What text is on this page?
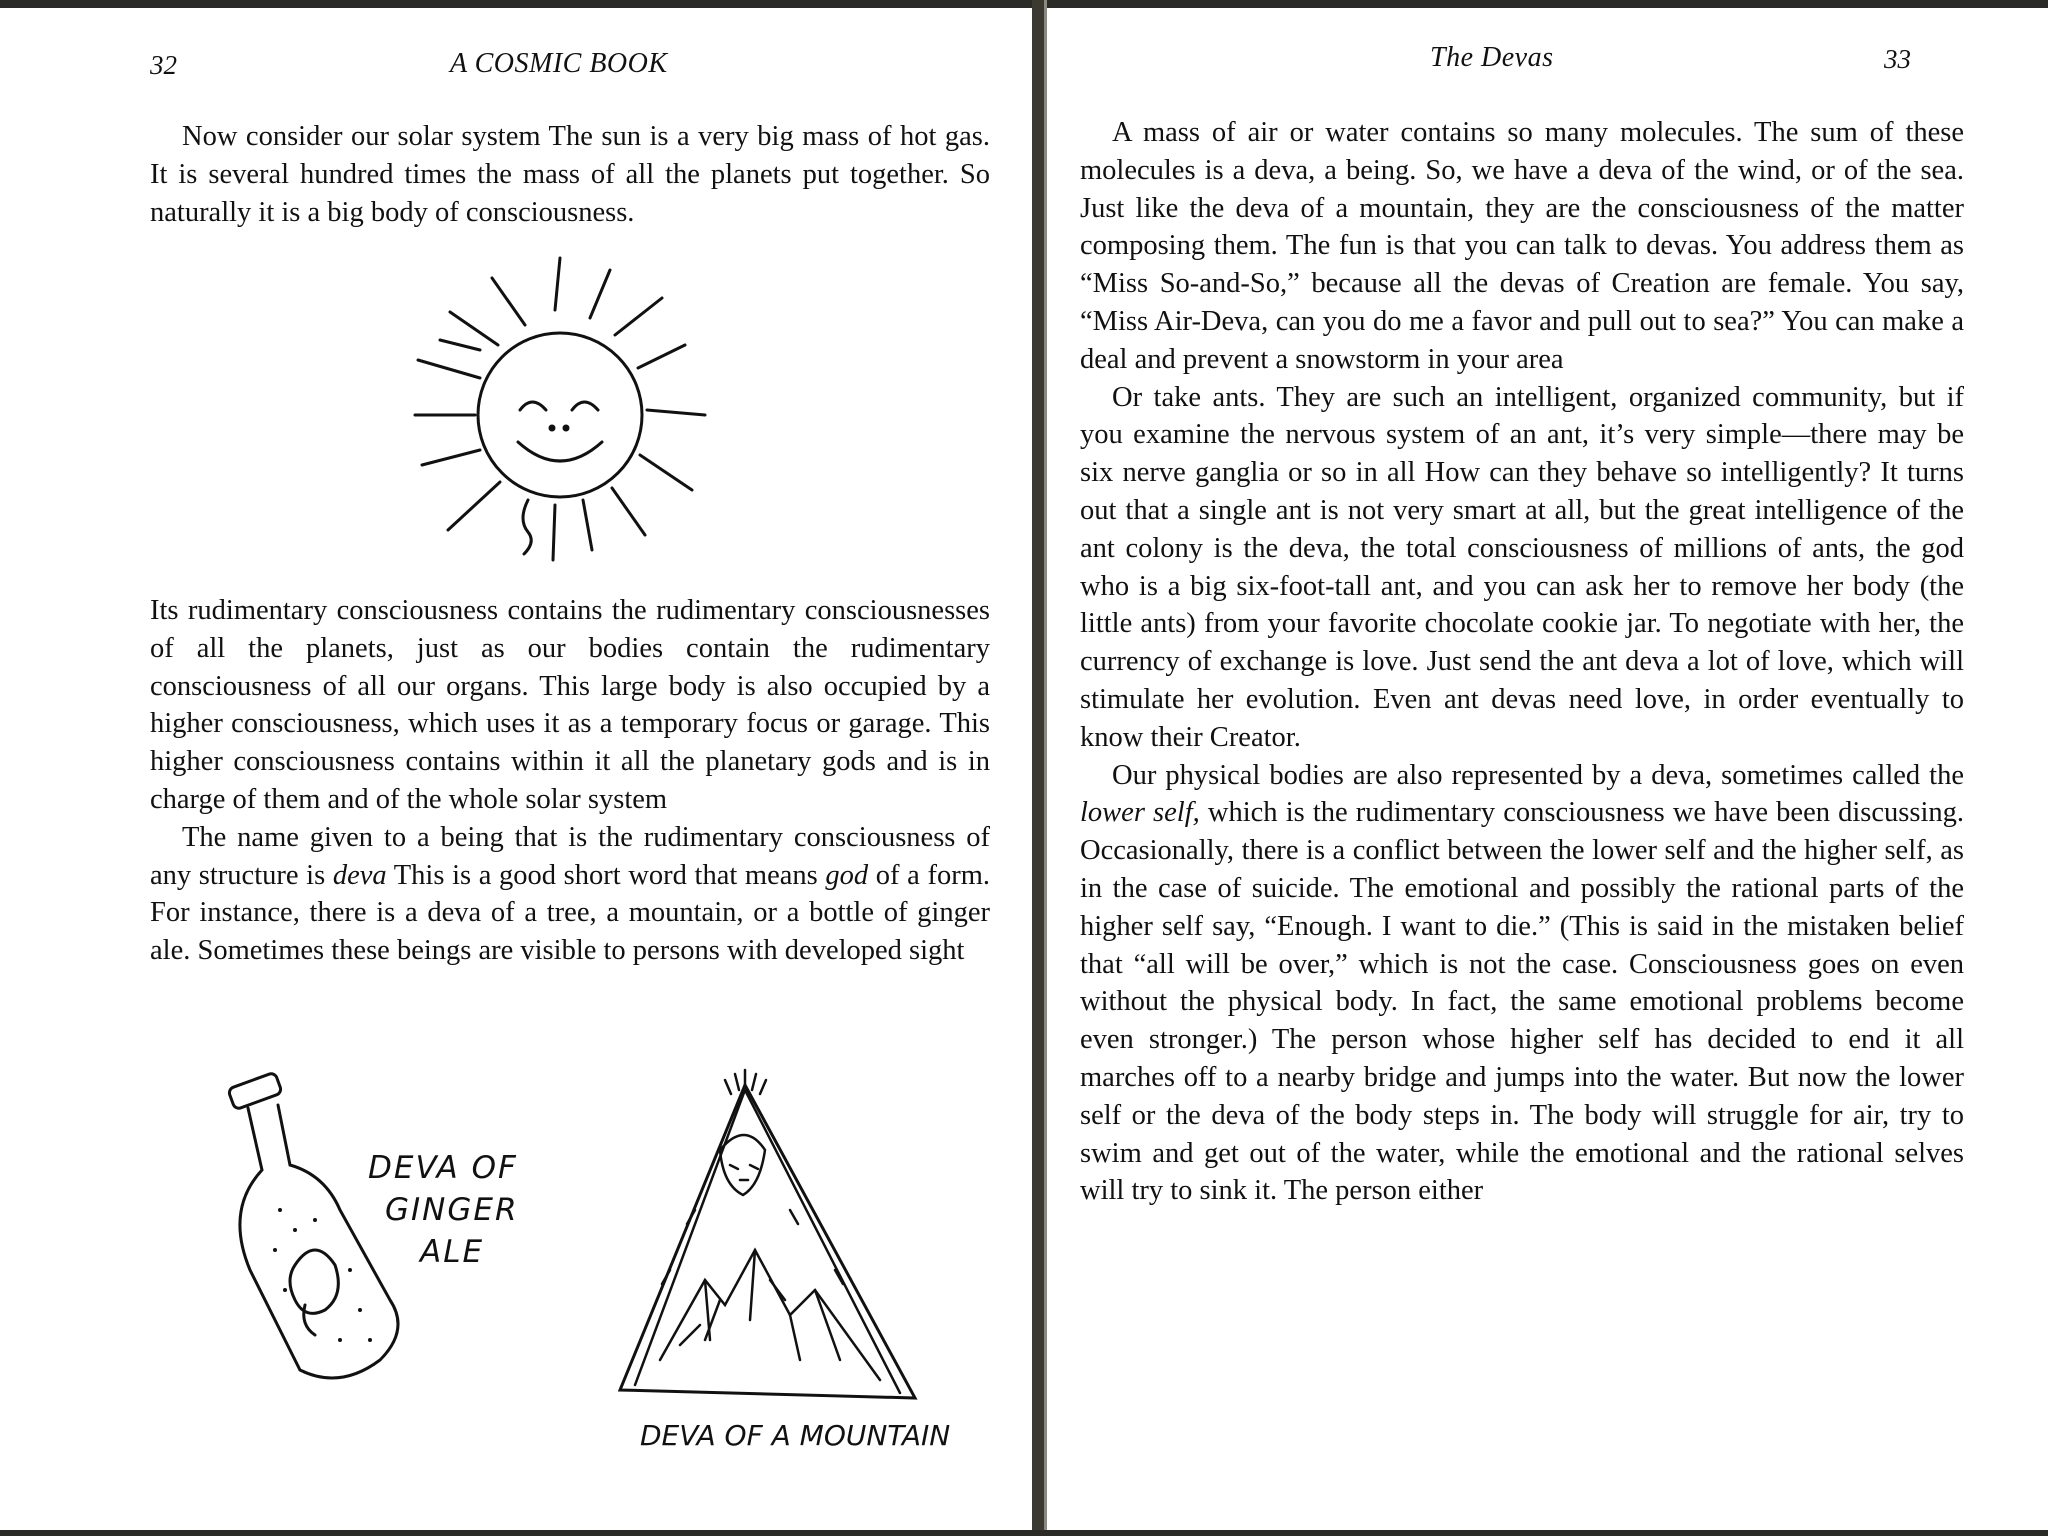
32	A COSMIC BOOK

Now consider our solar system The sun is a very big mass of hot gas. It is several hundred times the mass of all the planets put together. So naturally it is a big body of consciousness.

Its rudimentary consciousness contains the rudimentary consciousnesses of all the planets, just as our bodies contain the rudimentary consciousness of all our organs. This large body is also occupied by a higher consciousness, which uses it as a temporary focus or garage. This higher consciousness contains within it all the planetary gods and is in charge of them and of the whole solar system

The name given to a being that is the rudimentary consciousness of any structure is deva This is a good short word that means god of a form. For instance, there is a deva of a tree, a mountain, or a bottle of ginger ale. Sometimes these beings are visible to persons with developed sight

DEVA OF
GINGER
ALE
DEVA OF A MOUNTAIN
The Devas	33

A mass of air or water contains so many molecules. The sum of these molecules is a deva, a being. So, we have a deva of the wind, or of the sea. Just like the deva of a mountain, they are the consciousness of the matter composing them. The fun is that you can talk to devas. You address them as “Miss So-and-So,” because all the devas of Creation are female. You say, “Miss Air-Deva, can you do me a favor and pull out to sea?” You can make a deal and prevent a snowstorm in your area

Or take ants. They are such an intelligent, organized community, but if you examine the nervous system of an ant, it’s very simple—there may be six nerve ganglia or so in all How can they behave so intelligently? It turns out that a single ant is not very smart at all, but the great intelligence of the ant colony is the deva, the total consciousness of millions of ants, the god who is a big six-foot-tall ant, and you can ask her to remove her body (the little ants) from your favorite chocolate cookie jar. To negotiate with her, the currency of exchange is love. Just send the ant deva a lot of love, which will stimulate her evolution. Even ant devas need love, in order eventually to know their Creator.

Our physical bodies are also represented by a deva, sometimes called the lower self, which is the rudimentary consciousness we have been discussing. Occasionally, there is a conflict between the lower self and the higher self, as in the case of suicide. The emotional and possibly the rational parts of the higher self say, “Enough. I want to die.” (This is said in the mistaken belief that “all will be over,” which is not the case. Consciousness goes on even without the physical body. In fact, the same emotional problems become even stronger.) The person whose higher self has decided to end it all marches off to a nearby bridge and jumps into the water. But now the lower self or the deva of the body steps in. The body will struggle for air, try to swim and get out of the water, while the emotional and the rational selves will try to sink it. The person either
